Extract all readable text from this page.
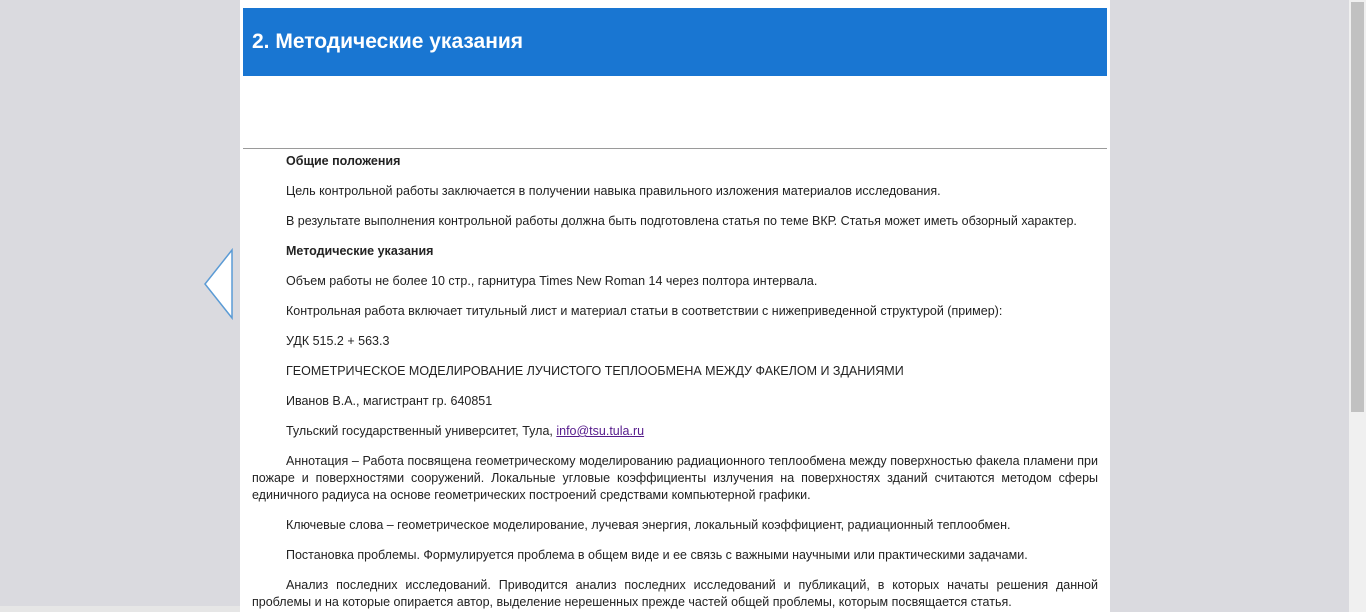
2. Методические указания

Общие положения

Цель контрольной работы заключается в получении навыка правильного изложения материалов исследования.

В результате выполнения контрольной работы должна быть подготовлена статья по теме ВКР. Статья может иметь обзорный характер.

Методические указания

Объем работы не более 10 стр., гарнитура Times New Roman 14 через полтора интервала.

Контрольная работа включает титульный лист и материал статьи в соответствии с нижеприведенной структурой (пример):

УДК 515.2 + 563.3

ГЕОМЕТРИЧЕСКОЕ МОДЕЛИРОВАНИЕ ЛУЧИСТОГО ТЕПЛООБМЕНА МЕЖДУ ФАКЕЛОМ И ЗДАНИЯМИ

Иванов В.А., магистрант гр. 640851

Тульский государственный университет, Тула, info@tsu.tula.ru

Аннотация – Работа посвящена геометрическому моделированию радиационного теплообмена между поверхностью факела пламени при пожаре и поверхностями сооружений. Локальные угловые коэффициенты излучения на поверхностях зданий считаются методом сферы единичного радиуса на основе геометрических построений средствами компьютерной графики.

Ключевые слова – геометрическое моделирование, лучевая энергия, локальный коэффициент, радиационный теплообмен.

Постановка проблемы. Формулируется проблема в общем виде и ее связь с важными научными или практическими задачами.

Анализ последних исследований. Приводится анализ последних исследований и публикаций, в которых начаты решения данной проблемы и на которые опирается автор, выделение нерешенных прежде частей общей проблемы, которым посвящается статья.
